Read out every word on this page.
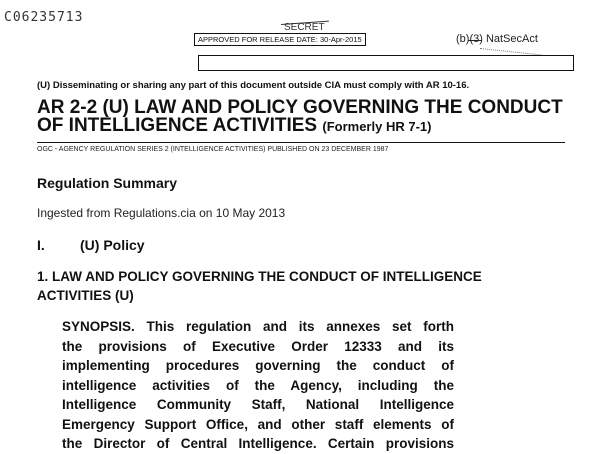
C06235713
SECRET
APPROVED FOR RELEASE DATE: 30-Apr-2015	(b)(3) NatSecAct
(U) Disseminating or sharing any part of this document outside CIA must comply with AR 10-16.
AR 2-2 (U) LAW AND POLICY GOVERNING THE CONDUCT
OF INTELLIGENCE ACTIVITIES (Formerly HR 7-1)
OGC - AGENCY REGULATION SERIES 2 (INTELLIGENCE ACTIVITIES) PUBLISHED ON 23 DECEMBER 1987
Regulation Summary
Ingested from Regulations.cia on 10 May 2013
I.	(U) Policy
1. LAW AND POLICY GOVERNING THE CONDUCT OF INTELLIGENCE
ACTIVITIES (U)
SYNOPSIS. This regulation and its annexes set forth
the provisions of Executive Order 12333 and its
implementing procedures governing the conduct of
intelligence activities of the Agency, including the
Intelligence Community Staff, National Intelligence
Emergency Support Office, and other staff elements of
the Director of Central Intelligence. Certain provisions
